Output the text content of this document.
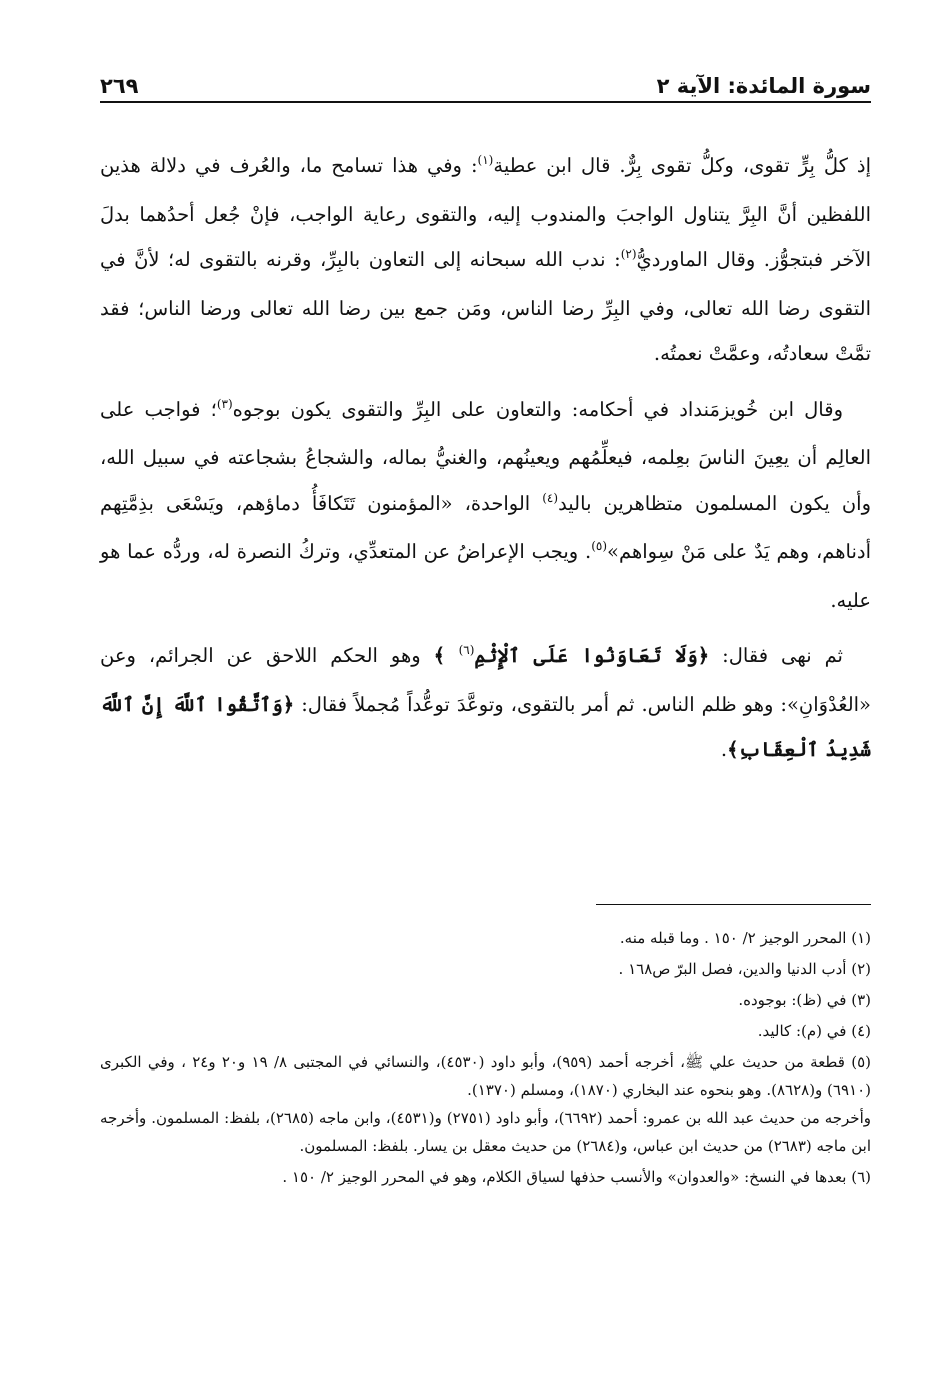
سورة المائدة: الآية ٢
٢٦٩

إذ كلُّ بِرٍّ تقوى، وكلُّ تقوى بِرٌّ. قال ابن عطية$^{(١)}$: وفي هذا تسامح ما، والعُرف في دلالة هذين اللفظين أنَّ البِرَّ يتناول الواجبَ والمندوب إليه، والتقوى رعاية الواجب، فإنْ جُعل أحدُهما بدلَ الآخر فبتجوُّز. وقال الماورديُّ$^{(٢)}$: ندب الله سبحانه إلى التعاون بالبِرِّ، وقرنه بالتقوى له؛ لأنَّ في التقوى رضا الله تعالى، وفي البِرِّ رضا الناس، ومَن جمع بين رضا الله تعالى ورضا الناس؛ فقد تمَّتْ سعادتُه، وعمَّتْ نعمتُه.

وقال ابن خُويزمَنداد في أحكامه: والتعاون على البِرِّ والتقوى يكون بوجوه$^{(٣)}$؛ فواجب على العالِم أن يعِينَ الناسَ بعِلمه، فيعلِّمُهم ويعينُهم، والغنيُّ بماله، والشجاعُ بشجاعته في سبيل الله، وأن يكون المسلمون متظاهرين باليد$^{(٤)}$ الواحدة، «المؤمنون تَتَكافَأُ دماؤهم، ويَسْعَى بذِمَّتِهم أدناهم، وهم يَدٌ على مَنْ سِواهم»$^{(٥)}$. ويجب الإعراضُ عن المتعدِّي، وتركُ النصرة له، وردُّه عما هو عليه.

ثم نهى فقال: ﴿وَلَا تَعَاوَنُوا عَلَى ٱلْإِثْمِ$^{(٦)}$ ﴾ وهو الحكم اللاحق عن الجرائم، وعن «العُدْوَانِ»: وهو ظلم الناس. ثم أمر بالتقوى، وتوعَّدَ توعُّداً مُجملاً فقال: ﴿وَٱتَّقُوا ٱللَّهَ إِنَّ ٱللَّهَ شَدِيدُ ٱلْعِقَابِ﴾.

(١) المحرر الوجيز ٢/ ١٥٠ . وما قبله منه.

(٢) أدب الدنيا والدين، فصل البرّ ص١٦٨ .

(٣) في (ظ): بوجوده.

(٤) في (م): كاليد.

(٥) قطعة من حديث علي ﷺ، أخرجه أحمد (٩٥٩)، وأبو داود (٤٥٣٠)، والنسائي في المجتبى ٨/ ١٩ و٢٠ و٢٤ ، وفي الكبرى (٦٩١٠) و(٨٦٢٨). وهو بنحوه عند البخاري (١٨٧٠)، ومسلم (١٣٧٠).

وأخرجه من حديث عبد الله بن عمرو: أحمد (٦٦٩٢)، وأبو داود (٢٧٥١) و(٤٥٣١)، وابن ماجه (٢٦٨٥)، بلفظ: المسلمون. وأخرجه ابن ماجه (٢٦٨٣) من حديث ابن عباس، و(٢٦٨٤) من حديث معقل بن يسار. بلفظ: المسلمون.

(٦) بعدها في النسخ: «والعدوان» والأنسب حذفها لسياق الكلام، وهو في المحرر الوجيز ٢/ ١٥٠ .
